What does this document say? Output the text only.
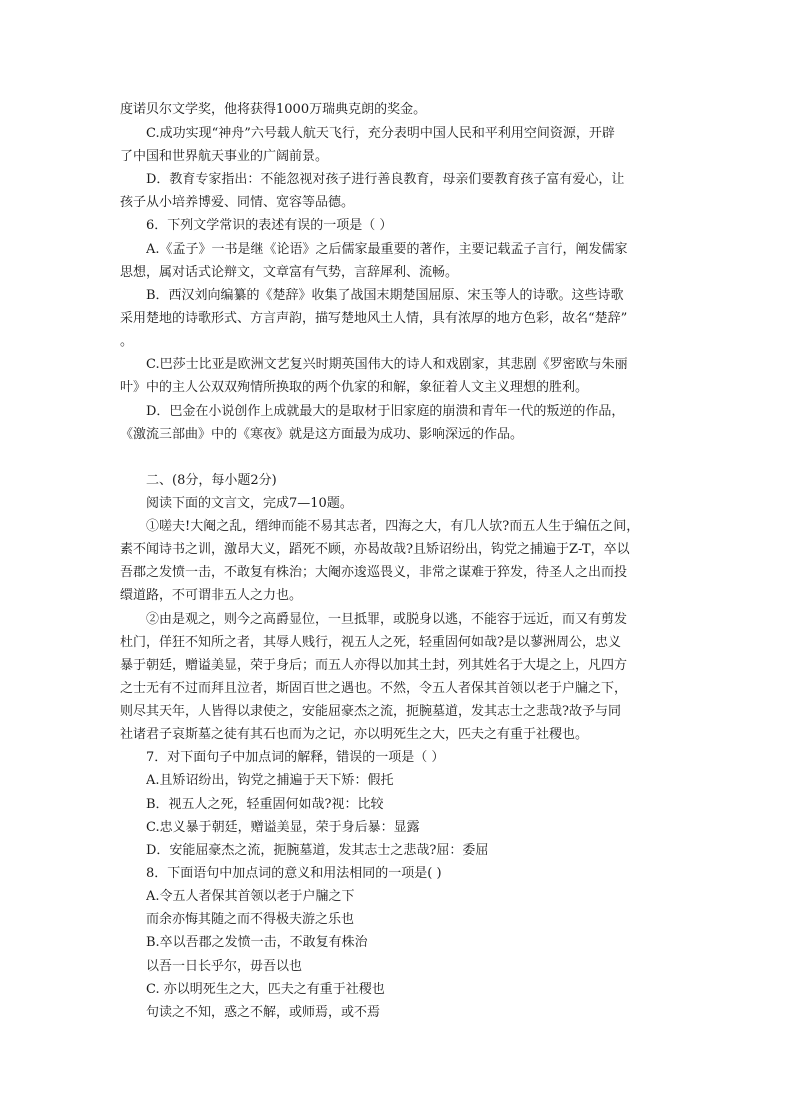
度诺贝尔文学奖，他将获得1000万瑞典克朗的奖金。
C.成功实现“神舟”六号载人航天飞行，充分表明中国人民和平利用空间资源，开辟
了中国和世界航天事业的广阔前景。
D．教育专家指出：不能忽视对孩子进行善良教育，母亲们要教育孩子富有爱心，让
孩子从小培养博爱、同情、宽容等品德。
6．下列文学常识的表述有误的一项是（ ）
A.《孟子》一书是继《论语》之后儒家最重要的著作，主要记载孟子言行，阐发儒家
思想，属对话式论辩文，文章富有气势，言辞犀利、流畅。
B．西汉刘向编纂的《楚辞》收集了战国末期楚国屈原、宋玉等人的诗歌。这些诗歌
采用楚地的诗歌形式、方言声韵，描写楚地风土人情，具有浓厚的地方色彩，故名“楚辞”
。
C.巴莎士比亚是欧洲文艺复兴时期英国伟大的诗人和戏剧家，其悲剧《罗密欧与朱丽
叶》中的主人公双双殉情所换取的两个仇家的和解，象征着人文主义理想的胜利。
D．巴金在小说创作上成就最大的是取材于旧家庭的崩溃和青年一代的叛逆的作品，
《激流三部曲》中的《寒夜》就是这方面最为成功、影响深远的作品。
二、(8分，每小题2分)
阅读下面的文言文，完成7—10题。
①嗟夫!大阉之乱，缙绅而能不易其志者，四海之大，有几人欤?而五人生于编伍之间，
素不闻诗书之训，激昂大义，蹈死不顾，亦曷故哉?且矫诏纷出，钩党之捕遍于Z-T，卒以
吾郡之发愤一击，不敢复有株治；大阉亦逡巡畏义，非常之谋难于猝发，待圣人之出而投
缳道路，不可谓非五人之力也。
②由是观之，则今之高爵显位，一旦抵罪，或脱身以逃，不能容于远近，而又有剪发
杜门，佯狂不知所之者，其辱人贱行，视五人之死，轻重固何如哉?是以蓼洲周公，忠义
暴于朝廷，赠谥美显，荣于身后；而五人亦得以加其土封，列其姓名于大堤之上，凡四方
之士无有不过而拜且泣者，斯固百世之遇也。不然，令五人者保其首领以老于户牖之下，
则尽其天年，人皆得以隶使之，安能屈豪杰之流，扼腕墓道，发其志士之悲哉?故予与同
社诸君子哀斯墓之徒有其石也而为之记，亦以明死生之大，匹夫之有重于社稷也。
7．对下面句子中加点词的解释，错误的一项是（ ）
A.且矫诏纷出，钩党之捕遍于天下矫：假托
B．视五人之死，轻重固何如哉?视：比较
C.忠义暴于朝廷，赠谥美显，荣于身后暴：显露
D．安能屈豪杰之流，扼腕墓道，发其志士之悲哉?屈：委屈
8．下面语句中加点词的意义和用法相同的一项是( )
A.令五人者保其首领以老于户牖之下
而余亦悔其随之而不得极夫游之乐也
B.卒以吾郡之发愤一击，不敢复有株治
以吾一日长乎尔，毋吾以也
C. 亦以明死生之大，匹夫之有重于社稷也
句读之不知，惑之不解，或师焉，或不焉
